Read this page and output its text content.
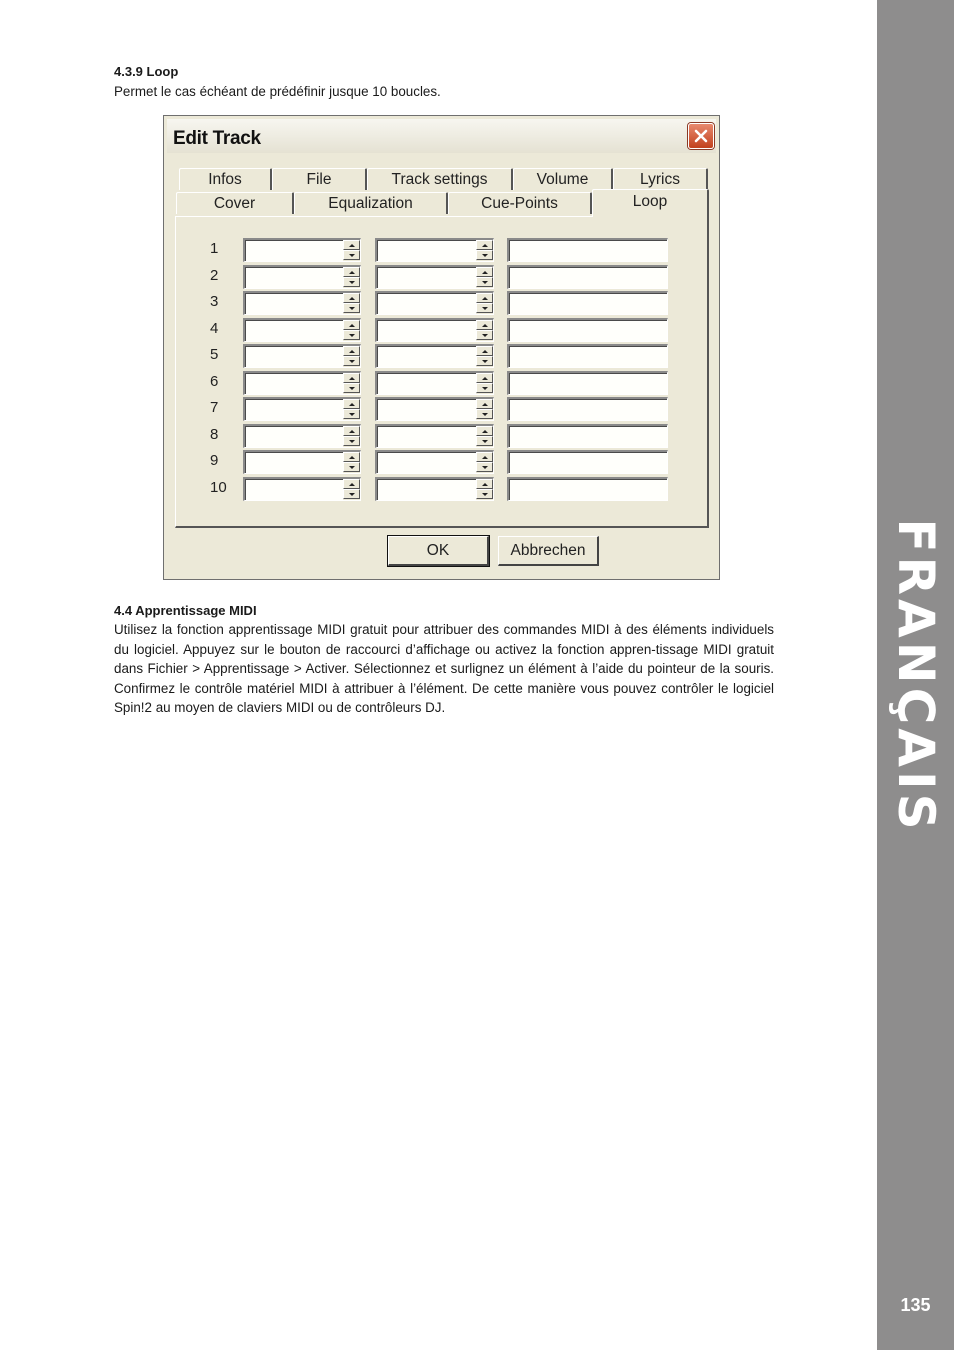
4.3.9 Loop

Permet le cas échéant de prédéfinir jusque 10 boucles.

Edit Track
Infos	File	Track settings	Volume	Lyrics
Cover	Equalization	Cue-Points	Loop
1
2
3
4
5
6
7
8
9
10
OK	Abbrechen
4.4 Apprentissage MIDI

Utilisez la fonction apprentissage MIDI gratuit pour attribuer des commandes MIDI à des éléments individuels du logiciel. Appuyez sur le bouton de raccourci d’affichage ou activez la fonction appren-tissage MIDI gratuit dans Fichier > Apprentissage > Activer. Sélectionnez et surlignez un élément à l’aide du pointeur de la souris. Confirmez le contrôle matériel MIDI à attribuer à l’élément. De cette manière vous pouvez contrôler le logiciel Spin!2 au moyen de claviers MIDI ou de contrôleurs DJ.	FRANÇAIS
135
